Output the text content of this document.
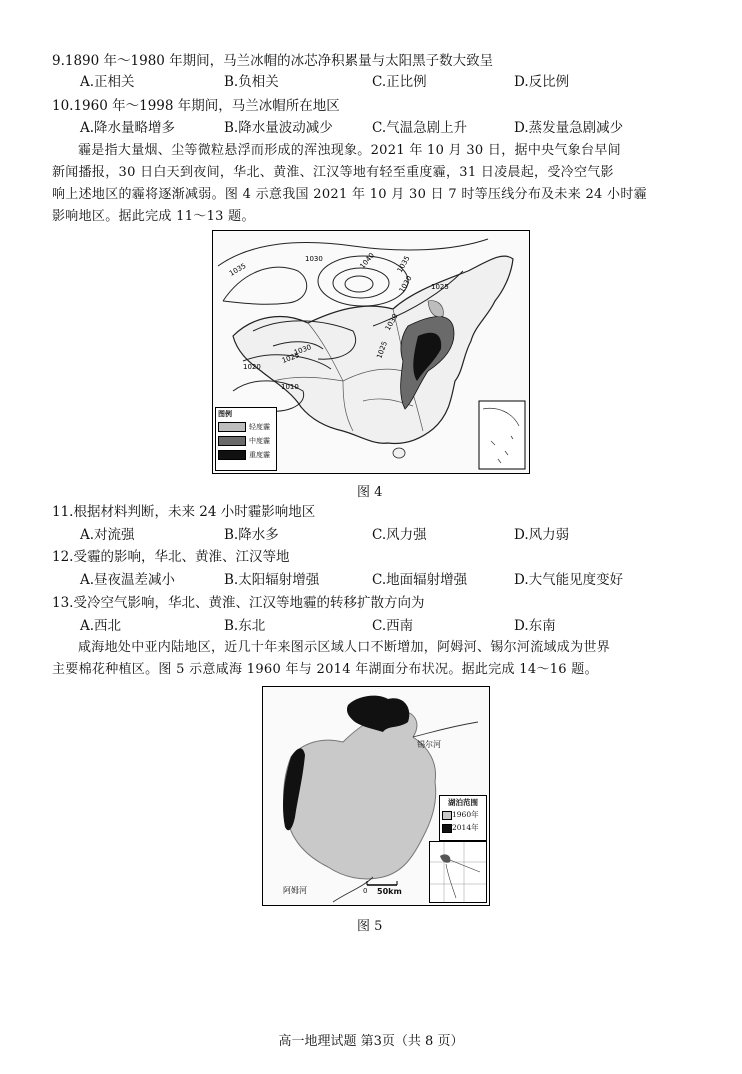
9.1890 年～1980 年期间，马兰冰帽的冰芯净积累量与太阳黑子数大致呈
A.正相关	B.负相关	C.正比例	D.反比例
10.1960 年～1998 年期间，马兰冰帽所在地区
A.降水量略增多	B.降水量波动减少	C.气温急剧上升	D.蒸发量急剧减少
霾是指大量烟、尘等微粒悬浮而形成的浑浊现象。2021 年 10 月 30 日，据中央气象台早间
新闻播报，30 日白天到夜间，华北、黄淮、江汉等地有轻至重度霾，31 日凌晨起，受冷空气影
响上述地区的霾将逐渐减弱。图 4 示意我国 2021 年 10 月 30 日 7 时等压线分布及未来 24 小时霾
影响地区。据此完成 11～13 题。
1030
1035	1040	1035
1030 1025
1030
1030
1025
1020
1010
1025
图例
轻度霾
中度霾
重度霾
图 4
11.根据材料判断，未来 24 小时霾影响地区
A.对流强	B.降水多	C.风力强	D.风力弱
12.受霾的影响，华北、黄淮、江汉等地
A.昼夜温差减小	B.太阳辐射增强	C.地面辐射增强	D.大气能见度变好
13.受冷空气影响，华北、黄淮、江汉等地霾的转移扩散方向为
A.西北	B.东北	C.西南	D.东南
咸海地处中亚内陆地区，近几十年来图示区域人口不断增加，阿姆河、锡尔河流域成为世界
主要棉花种植区。图 5 示意咸海 1960 年与 2014 年湖面分布状况。据此完成 14～16 题。
锡尔河
阿姆河	0 50km
湖泊范围
1960年
2014年
图 5
高一地理试题 第3页（共 8 页）
